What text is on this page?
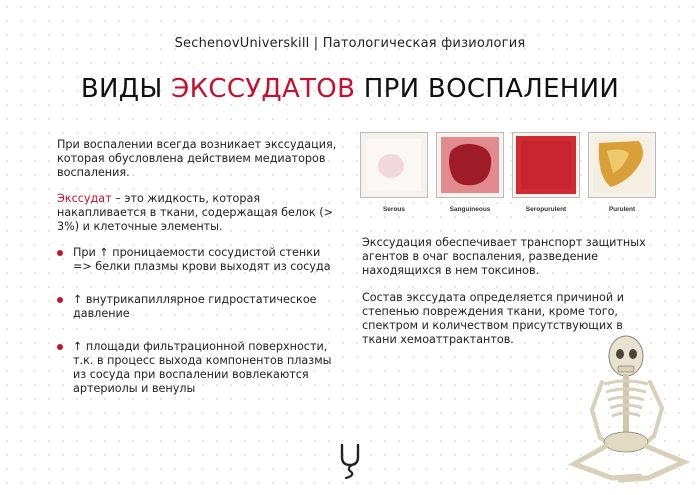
SechenovUniverskill | Патологическая физиология
ВИДЫ ЭКССУДАТОВ ПРИ ВОСПАЛЕНИИ

При воспалении всегда возникает экссудация, которая обусловлена действием медиаторов воспаления.

Экссудат – это жидкость, которая накапливается в ткани, содержащая белок (> 3%) и клеточные элементы.

При ↑ проницаемости сосудистой стенки => белки плазмы крови выходят из сосуда
↑ внутрикапиллярное гидростатическое давление
↑ площади фильтрационной поверхности, т.к. в процесс выхода компонентов плазмы из сосуда при воспалении вовлекаются артериолы и венулы
Serous	Sanguineous	Seropurulent	Purulent

Экссудация обеспечивает транспорт защитных агентов в очаг воспаления, разведение находящихся в нем токсинов.

Состав экссудата определяется причиной и степенью повреждения ткани, кроме того, спектром и количеством присутствующих в ткани хемоаттрактантов.
